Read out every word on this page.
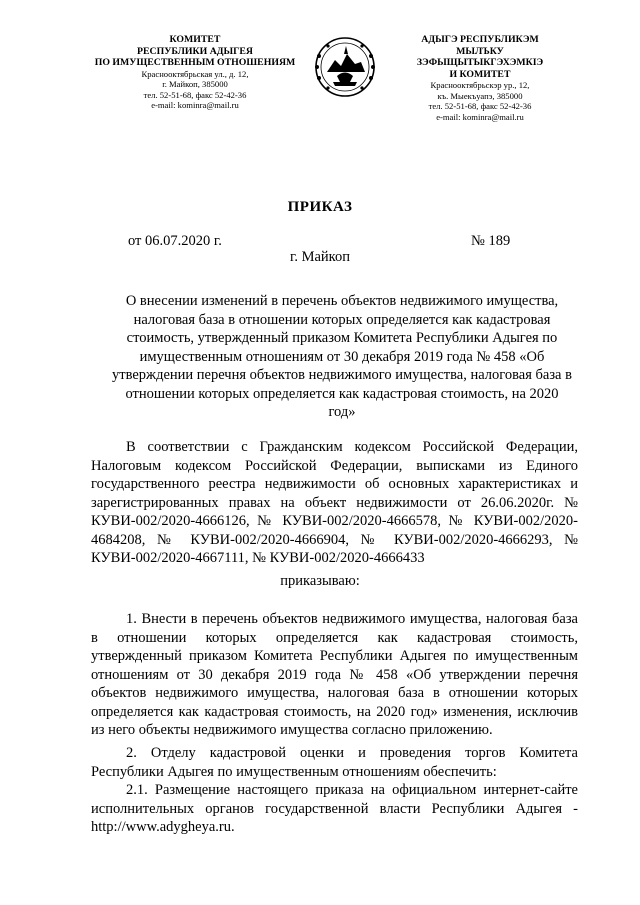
КОМИТЕТ
РЕСПУБЛИКИ АДЫГЕЯ
ПО ИМУЩЕСТВЕННЫМ ОТНОШЕНИЯМ
Краснооктябрьская ул., д. 12,
г. Майкоп, 385000
тел. 52-51-68, факс 52-42-36
e-mail: kominra@mail.ru
АДЫГЭ РЕСПУБЛИКЭМ
МЫЛЪКУ ЗЭФЫЩЫТЫКГЭХЭМКIЭ
И КОМИТЕТ
Краснооктябрьскэр ур., 12,
къ. Мыекъуапэ, 385000
тел. 52-51-68, факс 52-42-36
e-mail: kominra@mail.ru
ПРИКАЗ
от 06.07.2020 г.	№ 189
г. Майкоп
О внесении изменений в перечень объектов недвижимого имущества, налоговая база в отношении которых определяется как кадастровая стоимость, утвержденный приказом Комитета Республики Адыгея по имущественным отношениям от 30 декабря 2019 года № 458 «Об утверждении перечня объектов недвижимого имущества, налоговая база в отношении которых определяется как кадастровая стоимость, на 2020 год»
В соответствии с Гражданским кодексом Российской Федерации, Налоговым кодексом Российской Федерации, выписками из Единого государственного реестра недвижимости об основных характеристиках и зарегистрированных правах на объект недвижимости от 26.06.2020г. № КУВИ-002/2020-4666126, № КУВИ-002/2020-4666578, № КУВИ-002/2020-4684208, № КУВИ-002/2020-4666904, № КУВИ-002/2020-4666293, № КУВИ-002/2020-4667111, № КУВИ-002/2020-4666433
приказываю:
1. Внести в перечень объектов недвижимого имущества, налоговая база в отношении которых определяется как кадастровая стоимость, утвержденный приказом Комитета Республики Адыгея по имущественным отношениям от 30 декабря 2019 года № 458 «Об утверждении перечня объектов недвижимого имущества, налоговая база в отношении которых определяется как кадастровая стоимость, на 2020 год» изменения, исключив из него объекты недвижимого имущества согласно приложению.
2. Отделу кадастровой оценки и проведения торгов Комитета Республики Адыгея по имущественным отношениям обеспечить:
2.1. Размещение настоящего приказа на официальном интернет-сайте исполнительных органов государственной власти Республики Адыгея - http://www.adygheya.ru.
